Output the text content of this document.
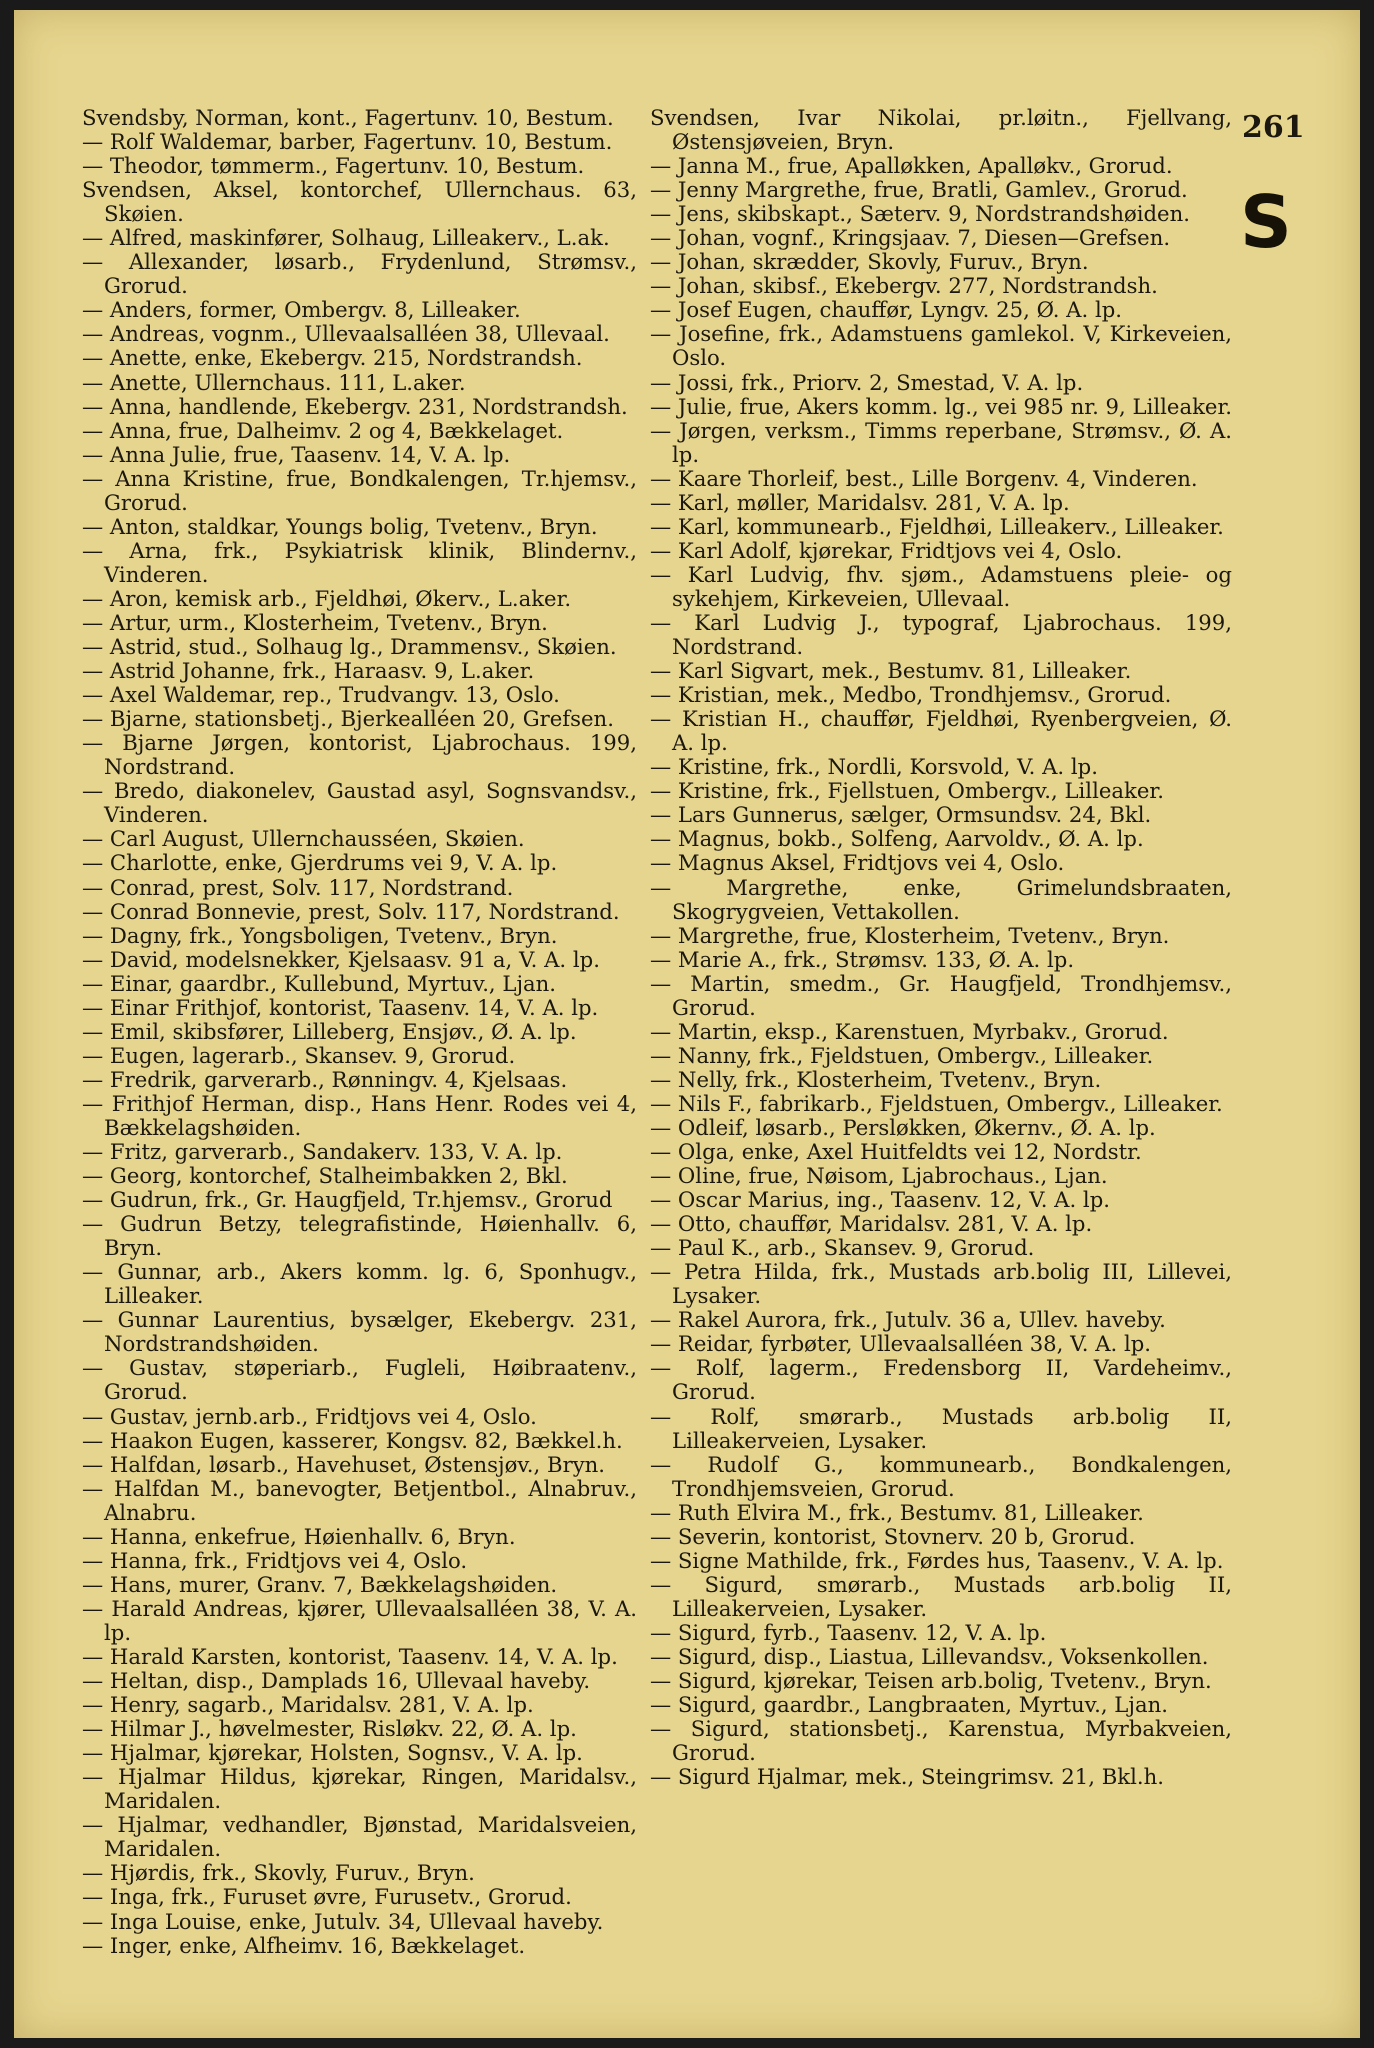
Svendsby, Norman, kont., Fagertunv. 10, Bestum.

— Rolf Waldemar, barber, Fagertunv. 10, Bestum.

— Theodor, tømmerm., Fagertunv. 10, Bestum.

Svendsen, Aksel, kontorchef, Ullernchaus. 63, Skøien.

— Alfred, maskinfører, Solhaug, Lilleakerv., L.ak.

— Allexander, løsarb., Frydenlund, Strømsv., Grorud.

— Anders, former, Ombergv. 8, Lilleaker.

— Andreas, vognm., Ullevaalsalléen 38, Ullevaal.

— Anette, enke, Ekebergv. 215, Nordstrandsh.

— Anette, Ullernchaus. 111, L.aker.

— Anna, handlende, Ekebergv. 231, Nordstrandsh.

— Anna, frue, Dalheimv. 2 og 4, Bækkelaget.

— Anna Julie, frue, Taasenv. 14, V. A. lp.

— Anna Kristine, frue, Bondkalengen, Tr.hjemsv., Grorud.

— Anton, staldkar, Youngs bolig, Tvetenv., Bryn.

— Arna, frk., Psykiatrisk klinik, Blindernv., Vinderen.

— Aron, kemisk arb., Fjeldhøi, Økerv., L.aker.

— Artur, urm., Klosterheim, Tvetenv., Bryn.

— Astrid, stud., Solhaug lg., Drammensv., Skøien.

— Astrid Johanne, frk., Haraasv. 9, L.aker.

— Axel Waldemar, rep., Trudvangv. 13, Oslo.

— Bjarne, stationsbetj., Bjerkealléen 20, Grefsen.

— Bjarne Jørgen, kontorist, Ljabrochaus. 199, Nordstrand.

— Bredo, diakonelev, Gaustad asyl, Sognsvandsv., Vinderen.

— Carl August, Ullernchausséen, Skøien.

— Charlotte, enke, Gjerdrums vei 9, V. A. lp.

— Conrad, prest, Solv. 117, Nordstrand.

— Conrad Bonnevie, prest, Solv. 117, Nordstrand.

— Dagny, frk., Yongsboligen, Tvetenv., Bryn.

— David, modelsnekker, Kjelsaasv. 91 a, V. A. lp.

— Einar, gaardbr., Kullebund, Myrtuv., Ljan.

— Einar Frithjof, kontorist, Taasenv. 14, V. A. lp.

— Emil, skibsfører, Lilleberg, Ensjøv., Ø. A. lp.

— Eugen, lagerarb., Skansev. 9, Grorud.

— Fredrik, garverarb., Rønningv. 4, Kjelsaas.

— Frithjof Herman, disp., Hans Henr. Rodes vei 4, Bækkelagshøiden.

— Fritz, garverarb., Sandakerv. 133, V. A. lp.

— Georg, kontorchef, Stalheimbakken 2, Bkl.

— Gudrun, frk., Gr. Haugfjeld, Tr.hjemsv., Grorud

— Gudrun Betzy, telegrafistinde, Høienhallv. 6, Bryn.

— Gunnar, arb., Akers komm. lg. 6, Sponhugv., Lilleaker.

— Gunnar Laurentius, bysælger, Ekebergv. 231, Nordstrandshøiden.

— Gustav, støperiarb., Fugleli, Høibraatenv., Grorud.

— Gustav, jernb.arb., Fridtjovs vei 4, Oslo.

— Haakon Eugen, kasserer, Kongsv. 82, Bækkel.h.

— Halfdan, løsarb., Havehuset, Østensjøv., Bryn.

— Halfdan M., banevogter, Betjentbol., Alnabruv., Alnabru.

— Hanna, enkefrue, Høienhallv. 6, Bryn.

— Hanna, frk., Fridtjovs vei 4, Oslo.

— Hans, murer, Granv. 7, Bækkelagshøiden.

— Harald Andreas, kjører, Ullevaalsalléen 38, V. A. lp.

— Harald Karsten, kontorist, Taasenv. 14, V. A. lp.

— Heltan, disp., Damplads 16, Ullevaal haveby.

— Henry, sagarb., Maridalsv. 281, V. A. lp.

— Hilmar J., høvelmester, Risløkv. 22, Ø. A. lp.

— Hjalmar, kjørekar, Holsten, Sognsv., V. A. lp.

— Hjalmar Hildus, kjørekar, Ringen, Maridalsv., Maridalen.

— Hjalmar, vedhandler, Bjønstad, Maridalsveien, Maridalen.

— Hjørdis, frk., Skovly, Furuv., Bryn.

— Inga, frk., Furuset øvre, Furusetv., Grorud.

— Inga Louise, enke, Jutulv. 34, Ullevaal haveby.

— Inger, enke, Alfheimv. 16, Bækkelaget.

Svendsen, Ivar Nikolai, pr.løitn., Fjellvang, Østensjøveien, Bryn.

— Janna M., frue, Apalløkken, Apalløkv., Grorud.

— Jenny Margrethe, frue, Bratli, Gamlev., Grorud.

— Jens, skibskapt., Sæterv. 9, Nordstrandshøiden.

— Johan, vognf., Kringsjaav. 7, Diesen—Grefsen.

— Johan, skrædder, Skovly, Furuv., Bryn.

— Johan, skibsf., Ekebergv. 277, Nordstrandsh.

— Josef Eugen, chauffør, Lyngv. 25, Ø. A. lp.

— Josefine, frk., Adamstuens gamlekol. V, Kirkeveien, Oslo.

— Jossi, frk., Priorv. 2, Smestad, V. A. lp.

— Julie, frue, Akers komm. lg., vei 985 nr. 9, Lilleaker.

— Jørgen, verksm., Timms reperbane, Strømsv., Ø. A. lp.

— Kaare Thorleif, best., Lille Borgenv. 4, Vinderen.

— Karl, møller, Maridalsv. 281, V. A. lp.

— Karl, kommunearb., Fjeldhøi, Lilleakerv., Lilleaker.

— Karl Adolf, kjørekar, Fridtjovs vei 4, Oslo.

— Karl Ludvig, fhv. sjøm., Adamstuens pleie- og sykehjem, Kirkeveien, Ullevaal.

— Karl Ludvig J., typograf, Ljabrochaus. 199, Nordstrand.

— Karl Sigvart, mek., Bestumv. 81, Lilleaker.

— Kristian, mek., Medbo, Trondhjemsv., Grorud.

— Kristian H., chauffør, Fjeldhøi, Ryenbergveien, Ø. A. lp.

— Kristine, frk., Nordli, Korsvold, V. A. lp.

— Kristine, frk., Fjellstuen, Ombergv., Lilleaker.

— Lars Gunnerus, sælger, Ormsundsv. 24, Bkl.

— Magnus, bokb., Solfeng, Aarvoldv., Ø. A. lp.

— Magnus Aksel, Fridtjovs vei 4, Oslo.

— Margrethe, enke, Grimelundsbraaten, Skogrygveien, Vettakollen.

— Margrethe, frue, Klosterheim, Tvetenv., Bryn.

— Marie A., frk., Strømsv. 133, Ø. A. lp.

— Martin, smedm., Gr. Haugfjeld, Trondhjemsv., Grorud.

— Martin, eksp., Karenstuen, Myrbakv., Grorud.

— Nanny, frk., Fjeldstuen, Ombergv., Lilleaker.

— Nelly, frk., Klosterheim, Tvetenv., Bryn.

— Nils F., fabrikarb., Fjeldstuen, Ombergv., Lilleaker.

— Odleif, løsarb., Persløkken, Økernv., Ø. A. lp.

— Olga, enke, Axel Huitfeldts vei 12, Nordstr.

— Oline, frue, Nøisom, Ljabrochaus., Ljan.

— Oscar Marius, ing., Taasenv. 12, V. A. lp.

— Otto, chauffør, Maridalsv. 281, V. A. lp.

— Paul K., arb., Skansev. 9, Grorud.

— Petra Hilda, frk., Mustads arb.bolig III, Lillevei, Lysaker.

— Rakel Aurora, frk., Jutulv. 36 a, Ullev. haveby.

— Reidar, fyrbøter, Ullevaalsalléen 38, V. A. lp.

— Rolf, lagerm., Fredensborg II, Vardeheimv., Grorud.

— Rolf, smørarb., Mustads arb.bolig II, Lilleakerveien, Lysaker.

— Rudolf G., kommunearb., Bondkalengen, Trondhjemsveien, Grorud.

— Ruth Elvira M., frk., Bestumv. 81, Lilleaker.

— Severin, kontorist, Stovnerv. 20 b, Grorud.

— Signe Mathilde, frk., Førdes hus, Taasenv., V. A. lp.

— Sigurd, smørarb., Mustads arb.bolig II, Lilleakerveien, Lysaker.

— Sigurd, fyrb., Taasenv. 12, V. A. lp.

— Sigurd, disp., Liastua, Lillevandsv., Voksenkollen.

— Sigurd, kjørekar, Teisen arb.bolig, Tvetenv., Bryn.

— Sigurd, gaardbr., Langbraaten, Myrtuv., Ljan.

— Sigurd, stationsbetj., Karenstua, Myrbakveien, Grorud.

— Sigurd Hjalmar, mek., Steingrimsv. 21, Bkl.h.

261
S
